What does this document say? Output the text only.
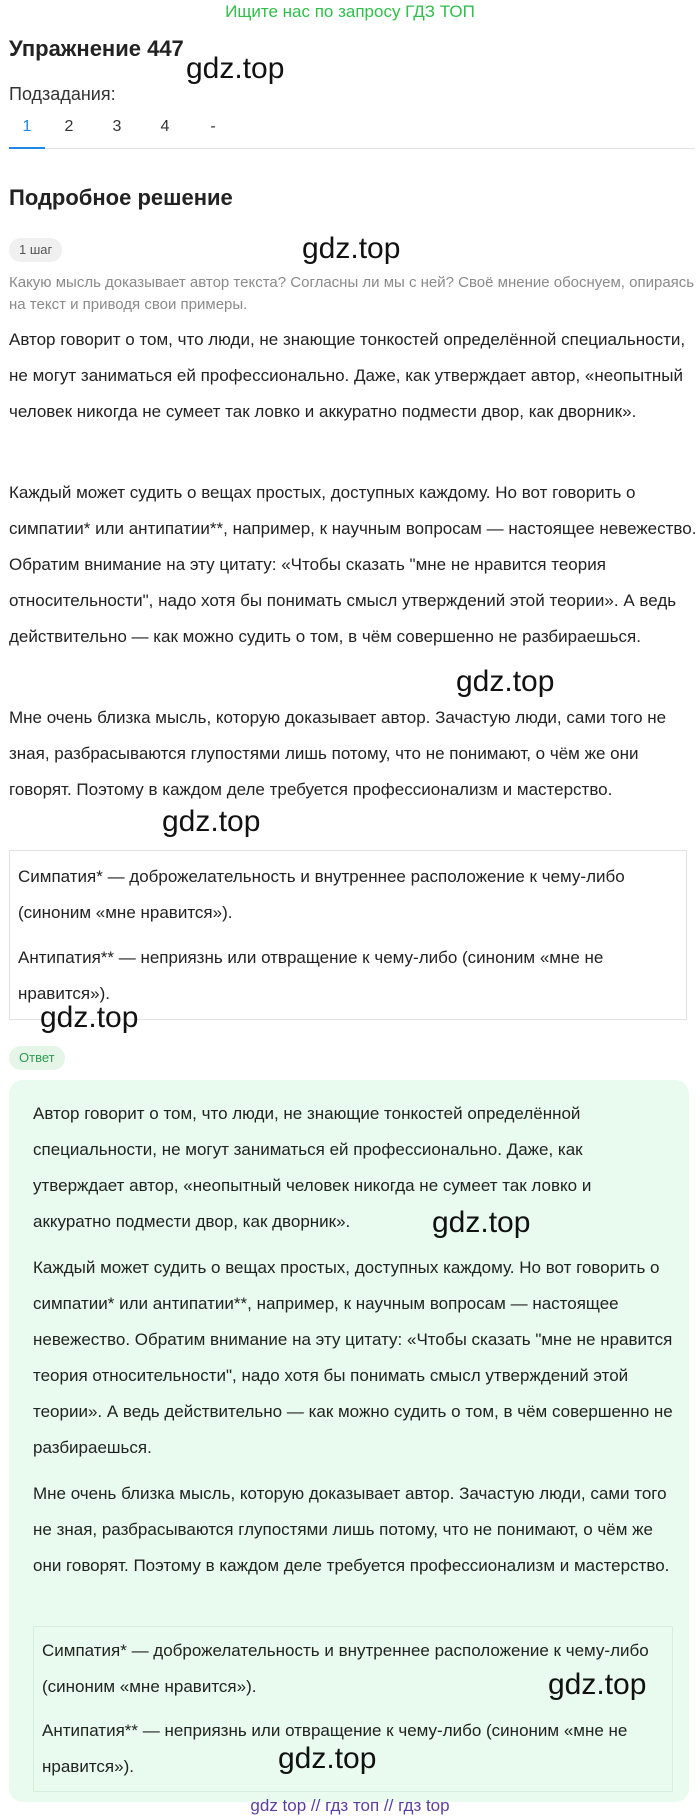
Ищите нас по запросу ГДЗ ТОП
Упражнение 447
gdz.top
Подзадания:
1	2	3	4	-
Подробное решение
1 шаг	gdz.top
Какую мысль доказывает автор текста? Согласны ли мы с ней? Своё мнение обоснуем, опираясь на текст и приводя свои примеры.

Автор говорит о том, что люди, не знающие тонкостей определённой специальности, не могут заниматься ей профессионально. Даже, как утверждает автор, «неопытный человек никогда не сумеет так ловко и аккуратно подмести двор, как дворник».

Каждый может судить о вещах простых, доступных каждому. Но вот говорить о симпатии* или антипатии**, например, к научным вопросам — настоящее невежество. Обратим внимание на эту цитату: «Чтобы сказать "мне не нравится теория относительности", надо хотя бы понимать смысл утверждений этой теории». А ведь действительно — как можно судить о том, в чём совершенно не разбираешься.

gdz.top

Мне очень близка мысль, которую доказывает автор. Зачастую люди, сами того не зная, разбрасываются глупостями лишь потому, что не понимают, о чём же они говорят. Поэтому в каждом деле требуется профессионализм и мастерство.

gdz.top

Симпатия* — доброжелательность и внутреннее расположение к чему-либо (синоним «мне нравится»).

Антипатия** — неприязнь или отвращение к чему-либо (синоним «мне не нравится»).

gdz.top
Ответ

Автор говорит о том, что люди, не знающие тонкостей определённой специальности, не могут заниматься ей профессионально. Даже, как утверждает автор, «неопытный человек никогда не сумеет так ловко и аккуратно подмести двор, как дворник».

Каждый может судить о вещах простых, доступных каждому. Но вот говорить о симпатии* или антипатии**, например, к научным вопросам — настоящее невежество. Обратим внимание на эту цитату: «Чтобы сказать "мне не нравится теория относительности", надо хотя бы понимать смысл утверждений этой теории». А ведь действительно — как можно судить о том, в чём совершенно не разбираешься.

Мне очень близка мысль, которую доказывает автор. Зачастую люди, сами того не зная, разбрасываются глупостями лишь потому, что не понимают, о чём же они говорят. Поэтому в каждом деле требуется профессионализм и мастерство.

Симпатия* — доброжелательность и внутреннее расположение к чему-либо (синоним «мне нравится»).

Антипатия** — неприязнь или отвращение к чему-либо (синоним «мне не нравится»).

gdz.top
gdz.top
gdz.top
gdz top // гдз топ // гдз top
